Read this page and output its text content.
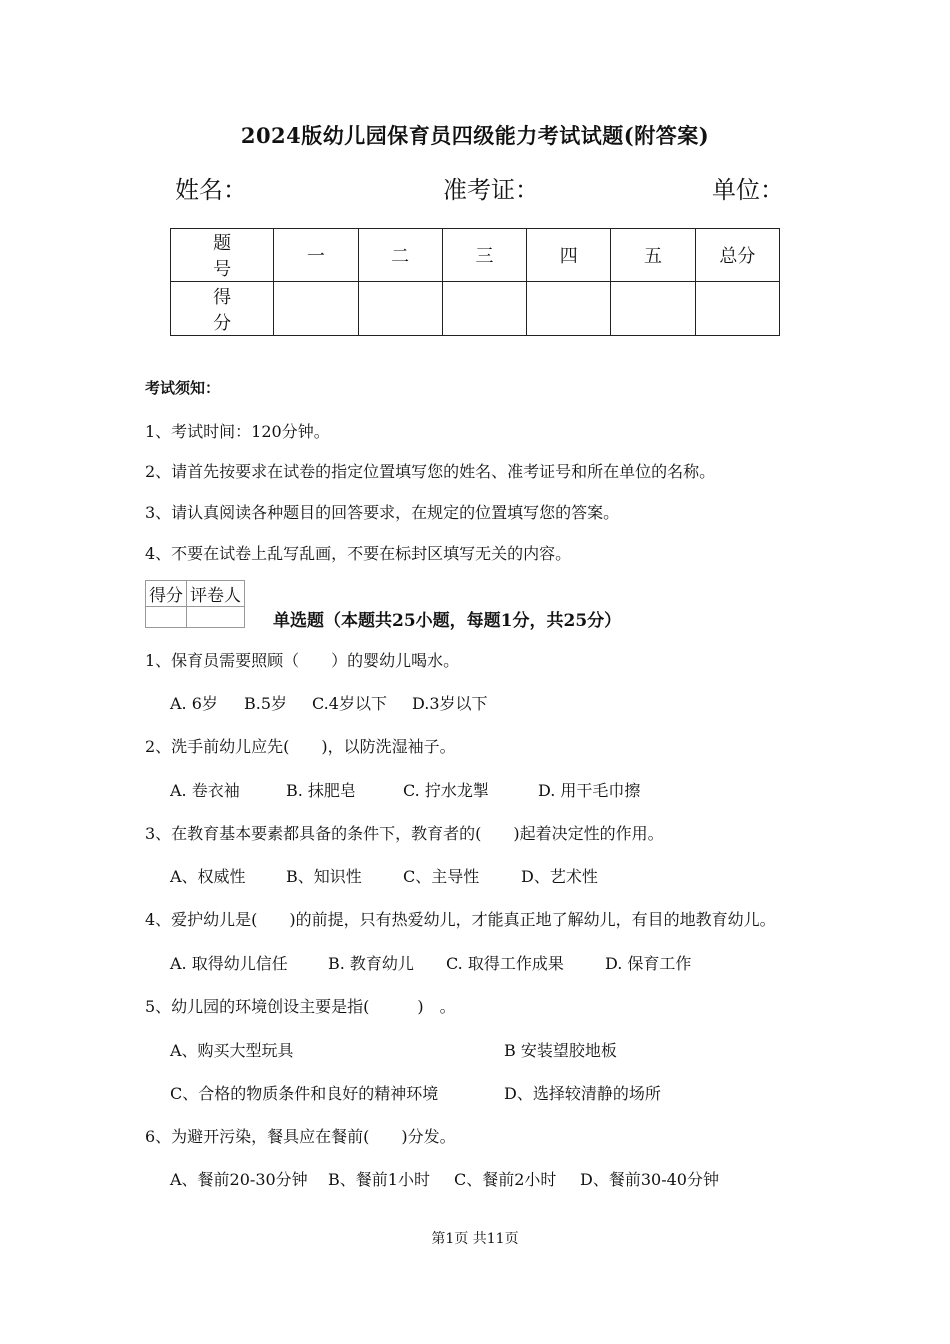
2024版幼儿园保育员四级能力考试试题(附答案)
姓名：	准考证：	单位：
题 号	一	二	三	四	五	总分
得 分						
考试须知：
1、考试时间：120分钟。
2、请首先按要求在试卷的指定位置填写您的姓名、准考证号和所在单位的名称。
3、请认真阅读各种题目的回答要求，在规定的位置填写您的答案。
4、不要在试卷上乱写乱画，不要在标封区填写无关的内容。
得分	评卷人

单选题（本题共25小题，每题1分，共25分）
1、保育员需要照顾（　　）的婴幼儿喝水。
A. 6岁 B.5岁 C.4岁以下 D.3岁以下
2、洗手前幼儿应先(　　)，以防洗湿袖子。
A. 卷衣袖	B. 抹肥皂	C. 拧水龙掣	D. 用干毛巾擦
3、在教育基本要素都具备的条件下，教育者的(　　)起着决定性的作用。
A、权威性	B、知识性	C、主导性	D、艺术性
4、爱护幼儿是(　　)的前提，只有热爱幼儿，才能真正地了解幼儿，有目的地教育幼儿。
A. 取得幼儿信任	B. 教育幼儿 C. 取得工作成果	D. 保育工作
5、幼儿园的环境创设主要是指(　　　)　。
A、购买大型玩具	B 安装望胶地板
C、合格的物质条件和良好的精神环境	D、选择较清静的场所
6、为避开污染，餐具应在餐前(　　)分发。
A、餐前20-30分钟 B、餐前1小时 C、餐前2小时 D、餐前30-40分钟
第1页 共11页
